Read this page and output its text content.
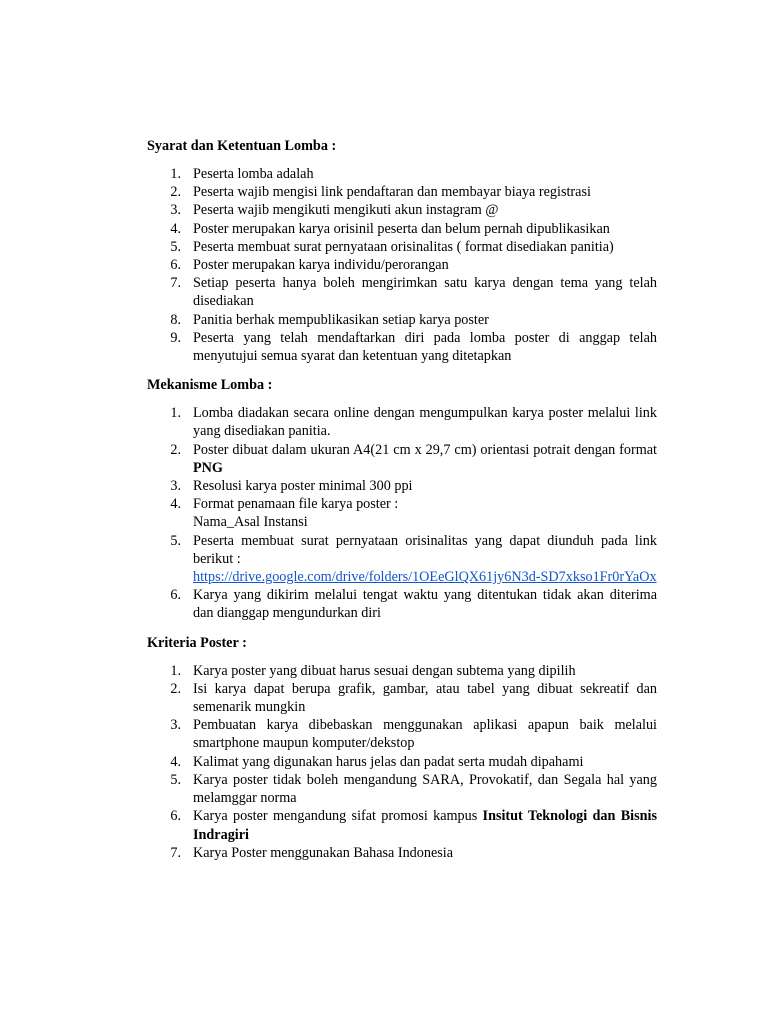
Syarat dan Ketentuan Lomba :

1. Peserta lomba adalah
2. Peserta wajib mengisi link pendaftaran dan membayar biaya registrasi
3. Peserta wajib mengikuti mengikuti akun instagram @
4. Poster merupakan karya orisinil peserta dan belum pernah dipublikasikan
5. Peserta membuat surat pernyataan orisinalitas ( format disediakan panitia)
6. Poster merupakan karya individu/perorangan
7. Setiap peserta hanya boleh mengirimkan satu karya dengan tema yang telah disediakan
8. Panitia berhak mempublikasikan setiap karya poster
9. Peserta yang telah mendaftarkan diri pada lomba poster di anggap telah menyutujui semua syarat dan ketentuan yang ditetapkan

Mekanisme Lomba :

1. Lomba diadakan secara online dengan mengumpulkan karya poster melalui link yang disediakan panitia.
2. Poster dibuat dalam ukuran A4(21 cm x 29,7 cm) orientasi potrait dengan format PNG
3. Resolusi karya poster minimal 300 ppi
4. Format penamaan file karya poster :
Nama_Asal Instansi
5. Peserta membuat surat pernyataan orisinalitas yang dapat diunduh pada link berikut :
https://drive.google.com/drive/folders/1OEeGlQX61jy6N3d-SD7xkso1Fr0rYaOx
6. Karya yang dikirim melalui tengat waktu yang ditentukan tidak akan diterima dan dianggap mengundurkan diri

Kriteria Poster :

1. Karya poster yang dibuat harus sesuai dengan subtema yang dipilih
2. Isi karya dapat berupa grafik, gambar, atau tabel yang dibuat sekreatif dan semenarik mungkin
3. Pembuatan karya dibebaskan menggunakan aplikasi apapun baik melalui smartphone maupun komputer/dekstop
4. Kalimat yang digunakan harus jelas dan padat serta mudah dipahami
5. Karya poster tidak boleh mengandung SARA, Provokatif, dan Segala hal yang melamggar norma
6. Karya poster mengandung sifat promosi kampus Insitut Teknologi dan Bisnis Indragiri
7. Karya Poster menggunakan Bahasa Indonesia
